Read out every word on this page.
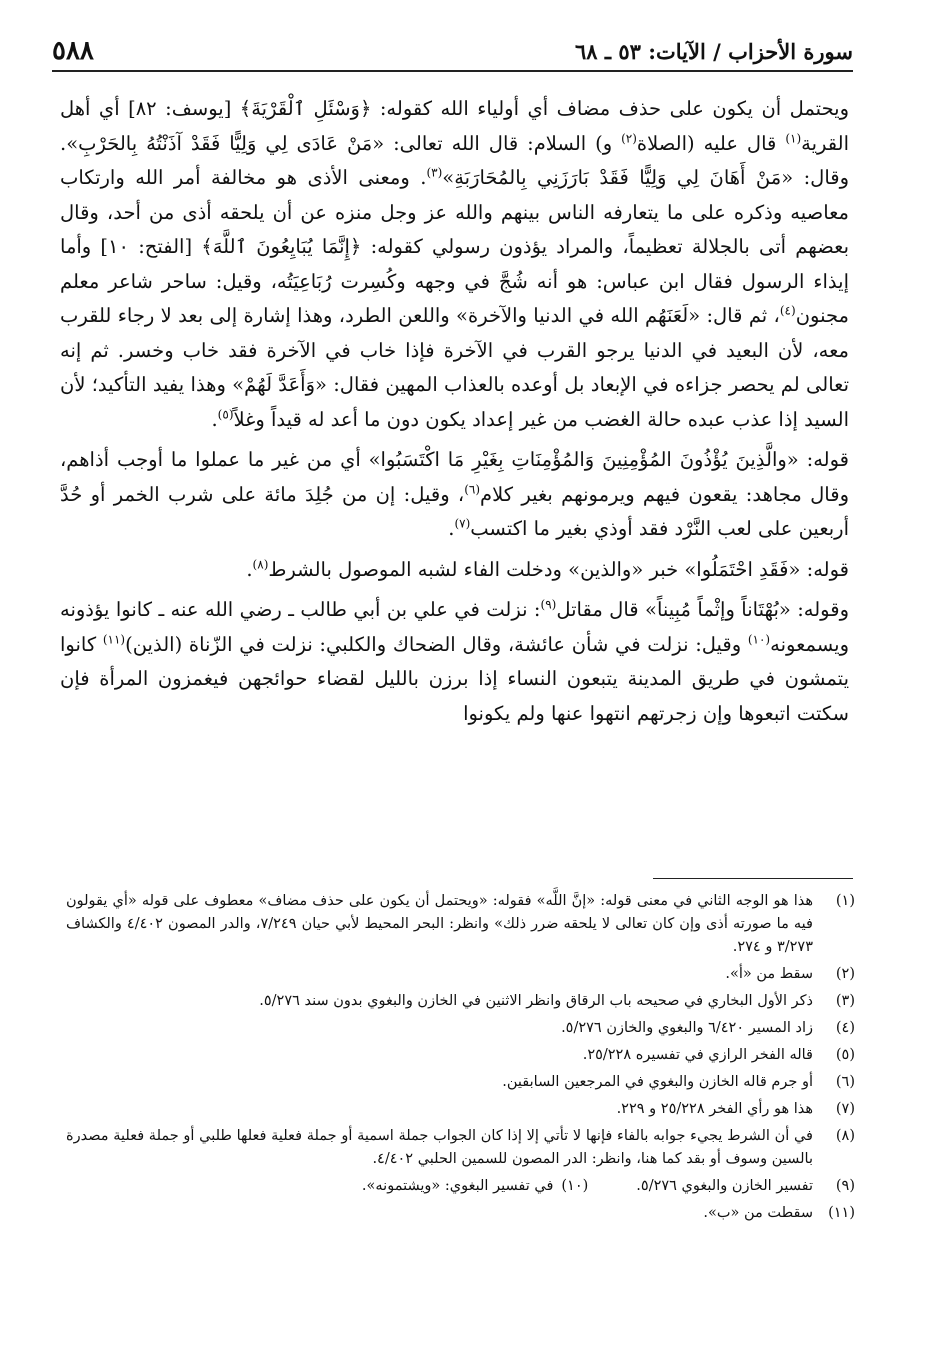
سورة الأحزاب / الآيات: ٥٣ ـ ٦٨
٥٨٨

ويحتمل أن يكون على حذف مضاف أي أولياء الله كقوله: ﴿وَسْئَلِ ٱلْقَرْيَةَ﴾ [يوسف: ٨٢] أي أهل القرية$^{(١)}$ قال عليه (الصلاة$^{(٢)}$ و) السلام: قال الله تعالى: «مَنْ عَادَى لِي وَلِيًّا فَقَدْ آذَنْتُهُ بِالحَرْبِ». وقال: «مَنْ أَهَانَ لِي وَلِيًّا فَقَدْ بَارَزَنِي بِالمُحَارَبَةِ»$^{(٣)}$. ومعنى الأذى هو مخالفة أمر الله وارتكاب معاصيه وذكره على ما يتعارفه الناس بينهم والله عز وجل منزه عن أن يلحقه أذى من أحد، وقال بعضهم أتى بالجلالة تعظيماً، والمراد يؤذون رسولي كقوله: ﴿إِنَّمَا يُبَايِعُونَ ٱللَّهَ﴾ [الفتح: ١٠] وأما إيذاء الرسول فقال ابن عباس: هو أنه شُجَّ في وجهه وكُسِرت رُبَاعِيَتُه، وقيل: ساحر شاعر معلم مجنون$^{(٤)}$، ثم قال: «لَعَنَهُم الله في الدنيا والآخرة» واللعن الطرد، وهذا إشارة إلى بعد لا رجاء للقرب معه، لأن البعيد في الدنيا يرجو القرب في الآخرة فإذا خاب في الآخرة فقد خاب وخسر. ثم إنه تعالى لم يحصر جزاءه في الإبعاد بل أوعده بالعذاب المهين فقال: «وَأَعَدَّ لَهُمْ» وهذا يفيد التأكيد؛ لأن السيد إذا عذب عبده حالة الغضب من غير إعداد يكون دون ما أعد له قيداً وغلاً$^{(٥)}$.

قوله: «والَّذِينَ يُؤْذُونَ المُؤْمِنِينَ وَالمُؤْمِنَاتِ بِغَيْرِ مَا اكْتَسَبُوا» أي من غير ما عملوا ما أوجب أذاهم، وقال مجاهد: يقعون فيهم ويرمونهم بغير كلام$^{(٦)}$، وقيل: إن من جُلِدَ مائة على شرب الخمر أو حُدَّ أربعين على لعب النَّرْد فقد أوذي بغير ما اكتسب$^{(٧)}$.

قوله: «فَقَدِ احْتَمَلُوا» خبر «والذين» ودخلت الفاء لشبه الموصول بالشرط$^{(٨)}$.

وقوله: «بُهْتَاناً وإثْماً مُبِيناً» قال مقاتل$^{(٩)}$: نزلت في علي بن أبي طالب ـ رضي الله عنه ـ كانوا يؤذونه ويسمعونه$^{(١٠)}$ وقيل: نزلت في شأن عائشة، وقال الضحاك والكلبي: نزلت في الزّناة (الذين)$^{(١١)}$ كانوا يتمشون في طريق المدينة يتبعون النساء إذا برزن بالليل لقضاء حوائجهن فيغمزون المرأة فإن سكتت اتبعوها وإن زجرتهم انتهوا عنها ولم يكونوا

(١)
هذا هو الوجه الثاني في معنى قوله: «إنَّ اللَّه» فقوله: «ويحتمل أن يكون على حذف مضاف» معطوف على قوله «أي يقولون فيه ما صورته أذى وإن كان تعالى لا يلحقه ضرر ذلك» وانظر: البحر المحيط لأبي حيان ٧/٢٤٩، والدر المصون ٤/٤٠٢ والكشاف ٣/٢٧٣ و ٢٧٤.
(٢)
سقط من «أ».
(٣)
ذكر الأول البخاري في صحيحه باب الرقاق وانظر الاثنين في الخازن والبغوي بدون سند ٥/٢٧٦.
(٤)
زاد المسير ٦/٤٢٠ والبغوي والخازن ٥/٢٧٦.
(٥)
قاله الفخر الرازي في تفسيره ٢٥/٢٢٨.
(٦)
أو جرم قاله الخازن والبغوي في المرجعين السابقين.
(٧)
هذا هو رأي الفخر ٢٥/٢٢٨ و ٢٢٩.
(٨)
في أن الشرط يجيء جوابه بالفاء فإنها لا تأتي إلا إذا كان الجواب جملة اسمية أو جملة فعلية فعلها طلبي أو جملة فعلية مصدرة بالسين وسوف أو بقد كما هنا، وانظر: الدر المصون للسمين الحلبي ٤/٤٠٢.
(٩)
تفسير الخازن والبغوي ٥/٢٧٦.
(١٠)
في تفسير البغوي: «ويشتمونه».
(١١)
سقطت من «ب».
